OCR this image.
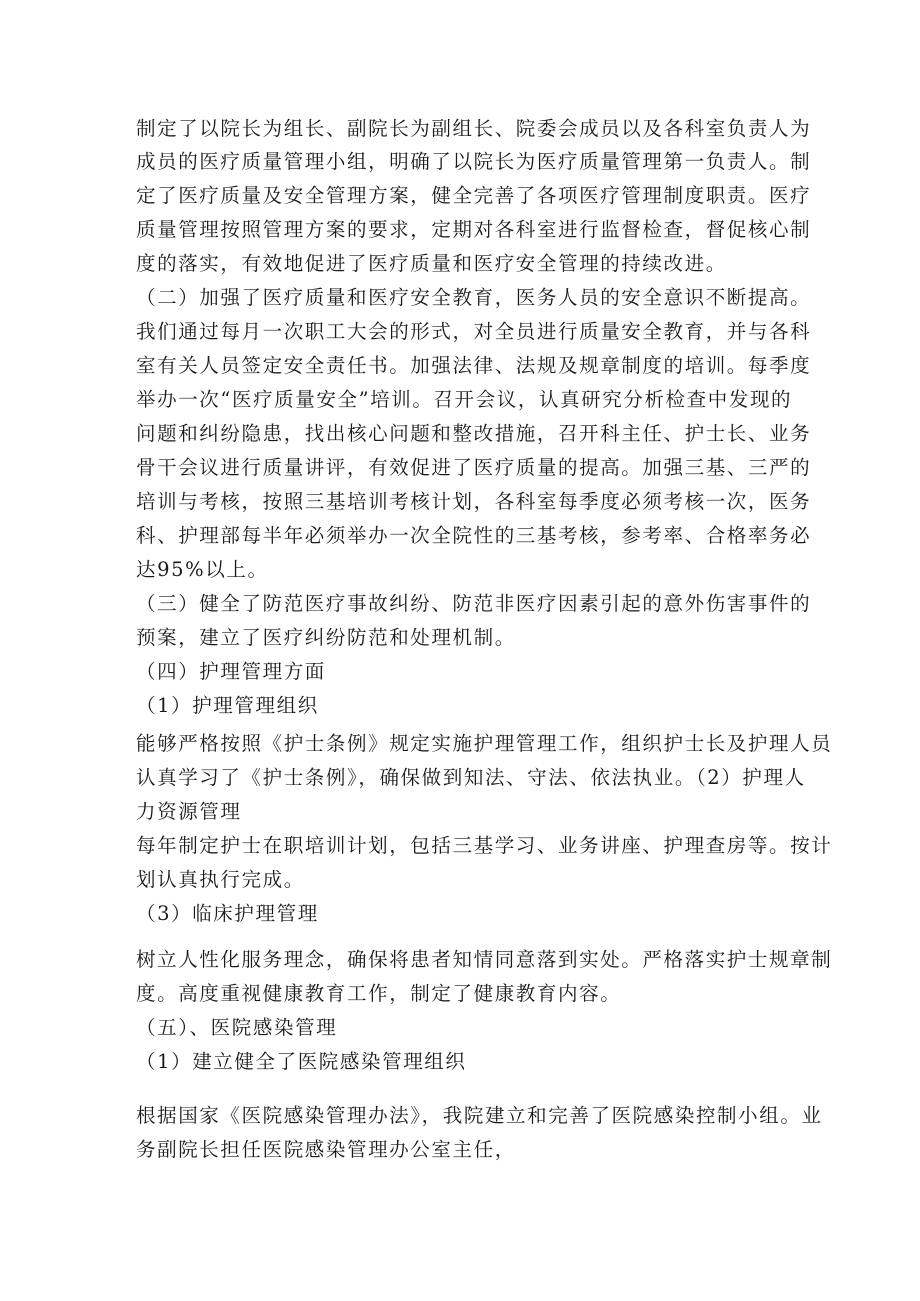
制定了以院长为组长、副院长为副组长、院委会成员以及各科室负责人为
成员的医疗质量管理小组，明确了以院长为医疗质量管理第一负责人。制
定了医疗质量及安全管理方案，健全完善了各项医疗管理制度职责。医疗
质量管理按照管理方案的要求，定期对各科室进行监督检查，督促核心制
度的落实，有效地促进了医疗质量和医疗安全管理的持续改进。
（二）加强了医疗质量和医疗安全教育，医务人员的安全意识不断提高。
我们通过每月一次职工大会的形式，对全员进行质量安全教育，并与各科
室有关人员签定安全责任书。加强法律、法规及规章制度的培训。每季度
举办一次“医疗质量安全”培训。召开会议，认真研究分析检查中发现的
问题和纠纷隐患，找出核心问题和整改措施，召开科主任、护士长、业务
骨干会议进行质量讲评，有效促进了医疗质量的提高。加强三基、三严的
培训与考核，按照三基培训考核计划，各科室每季度必须考核一次，医务
科、护理部每半年必须举办一次全院性的三基考核，参考率、合格率务必
达95%以上。
（三）健全了防范医疗事故纠纷、防范非医疗因素引起的意外伤害事件的
预案，建立了医疗纠纷防范和处理机制。
（四）护理管理方面
（1）护理管理组织
能够严格按照《护士条例》规定实施护理管理工作，组织护士长及护理人员
认真学习了《护士条例》，确保做到知法、守法、依法执业。（2）护理人
力资源管理
每年制定护士在职培训计划，包括三基学习、业务讲座、护理查房等。按计
划认真执行完成。
（3）临床护理管理
树立人性化服务理念，确保将患者知情同意落到实处。严格落实护士规章制
度。高度重视健康教育工作，制定了健康教育内容。
（五）、医院感染管理
（1）建立健全了医院感染管理组织
根据国家《医院感染管理办法》，我院建立和完善了医院感染控制小组。业
务副院长担任医院感染管理办公室主任，
